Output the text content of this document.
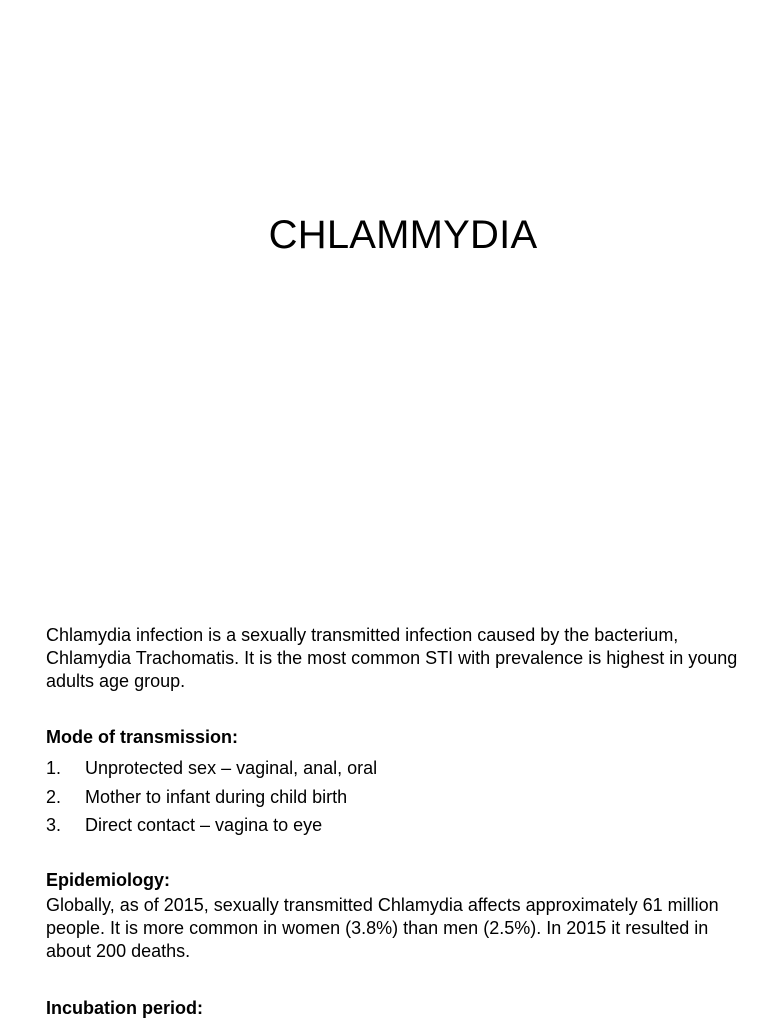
CHLAMMYDIA
Chlamydia infection is a sexually transmitted infection caused by the bacterium, Chlamydia Trachomatis. It is the most common STI with prevalence is highest in young adults age group.
Mode of transmission:
1.	Unprotected sex – vaginal, anal, oral
2.	Mother to infant during child birth
3.	Direct contact – vagina to eye
Epidemiology:
Globally, as of 2015, sexually transmitted Chlamydia affects approximately 61 million people. It is more common in women (3.8%) than men (2.5%). In 2015 it resulted in about 200 deaths.
Incubation period:
